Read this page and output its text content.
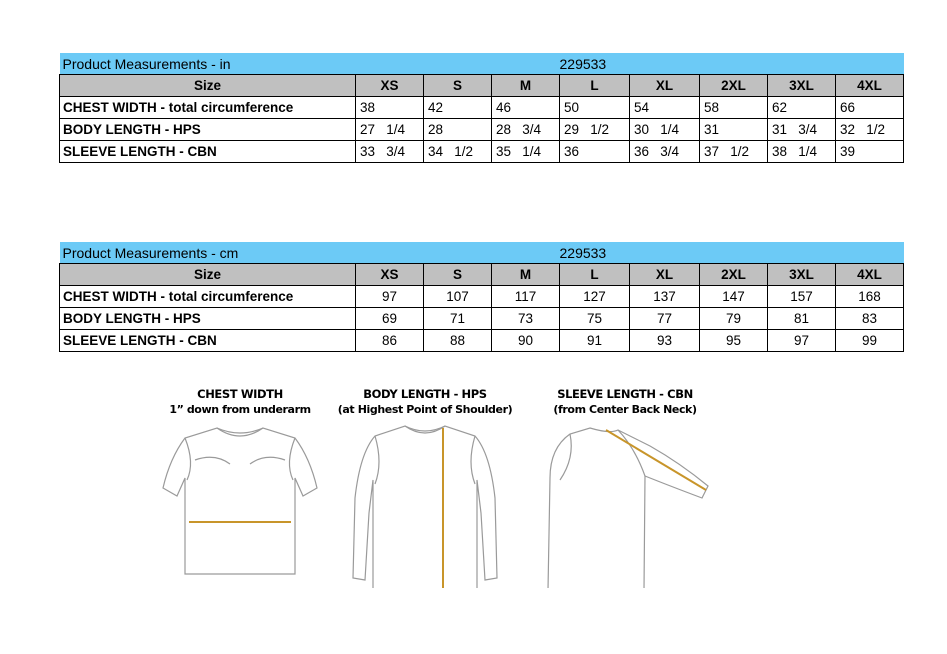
Product Measurements - in				229533				
Size	XS	S	M	L	XL	2XL	3XL	4XL
CHEST WIDTH - total circumference	38	42	46	50	54	58	62	66
BODY LENGTH - HPS	27   1/4	28	28   3/4	29   1/2	30   1/4	31	31   3/4	32   1/2
SLEEVE LENGTH - CBN	33   3/4	34   1/2	35   1/4	36	36   3/4	37   1/2	38   1/4	39
Product Measurements - cm				229533				
Size	XS	S	M	L	XL	2XL	3XL	4XL
CHEST WIDTH - total circumference	97	107	117	127	137	147	157	168
BODY LENGTH - HPS	69	71	73	75	77	79	81	83
SLEEVE LENGTH - CBN	86	88	90	91	93	95	97	99
CHEST WIDTH
1” down from underarm
BODY LENGTH - HPS
(at Highest Point of Shoulder)
SLEEVE LENGTH - CBN
(from Center Back Neck)
